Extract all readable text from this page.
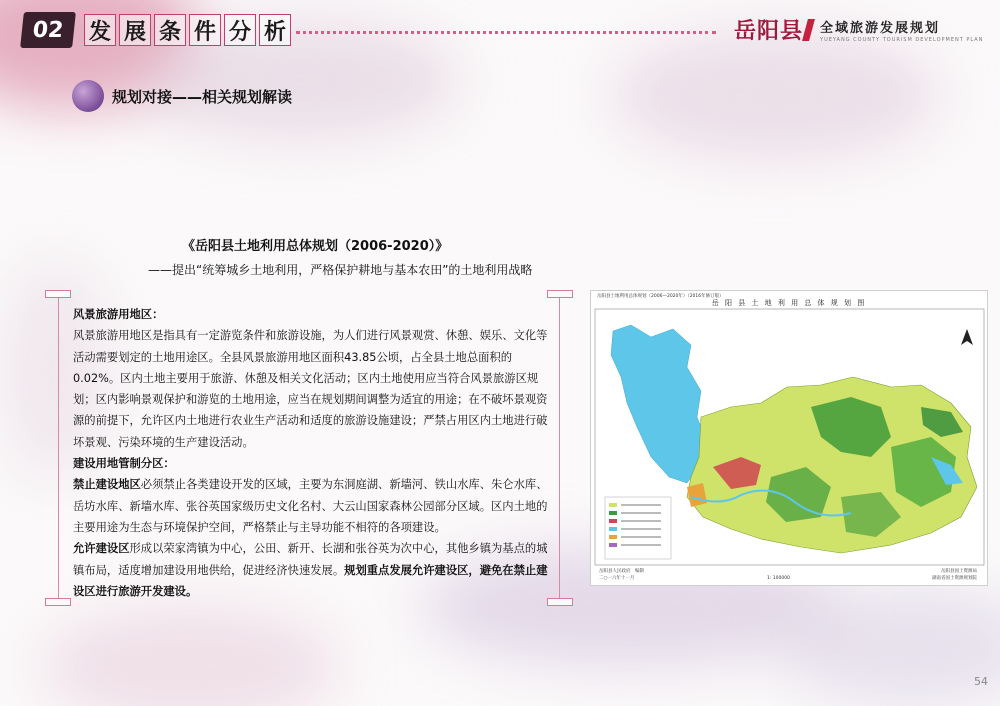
02	发 展 条 件 分 析	岳阳县 全域旅游发展规划
YUEYANG COUNTY TOURISM DEVELOPMENT PLAN
规划对接——相关规划解读
《岳阳县土地利用总体规划（2006-2020）》
——提出“统筹城乡土地利用，严格保护耕地与基本农田”的土地利用战略

风景旅游用地区：

风景旅游用地区是指具有一定游览条件和旅游设施，为人们进行风景观赏、休憩、娱乐、文化等活动需要划定的土地用途区。全县风景旅游用地区面积43.85公顷，占全县土地总面积的0.02%。区内土地主要用于旅游、休憩及相关文化活动；区内土地使用应当符合风景旅游区规划；区内影响景观保护和游览的土地用途，应当在规划期间调整为适宜的用途；在不破坏景观资源的前提下，允许区内土地进行农业生产活动和适度的旅游设施建设；严禁占用区内土地进行破坏景观、污染环境的生产建设活动。

建设用地管制分区：

禁止建设地区必须禁止各类建设开发的区域，主要为东洞庭湖、新墙河、铁山水库、朱仑水库、岳坊水库、新墙水库、张谷英国家级历史文化名村、大云山国家森林公园部分区域。区内土地的主要用途为生态与环境保护空间，严格禁止与主导功能不相符的各项建设。

允许建设区形成以荣家湾镇为中心，公田、新开、长湖和张谷英为次中心，其他乡镇为基点的城镇布局，适度增加建设用地供给，促进经济快速发展。规划重点发展允许建设区，避免在禁止建设区进行旅游开发建设。

岳阳县土地利用总体规划（2006—2020年）（2016年修订版）
岳 阳 县 土 地 利 用 总 体 规 划 图
岳阳县人民政府　编制
二○一六年十一月	1: 100000
岳阳县国土资源局
湖南省国土资源规划院
54
